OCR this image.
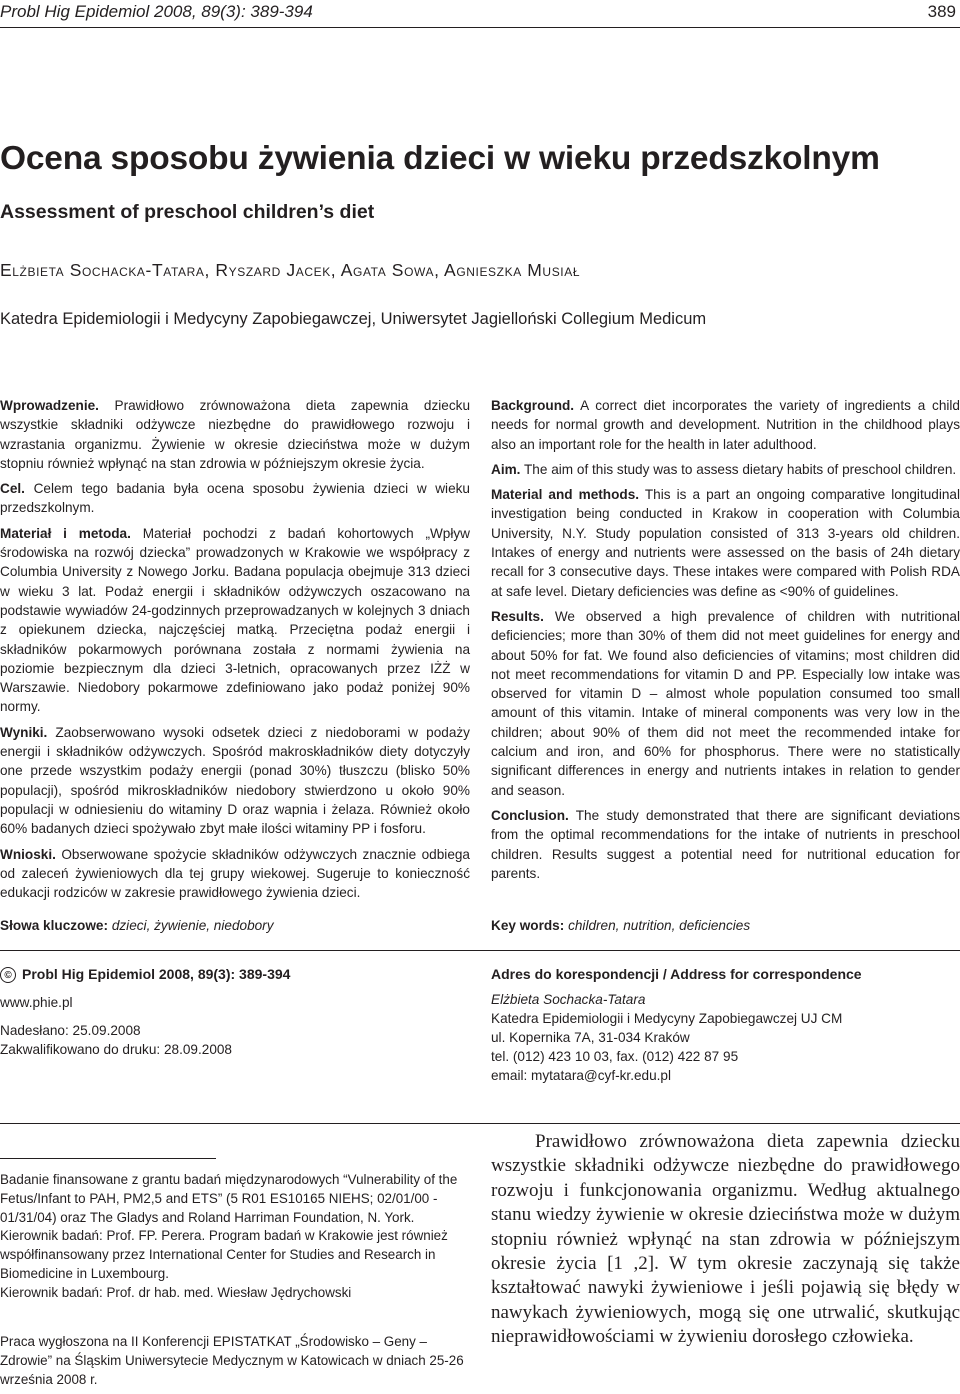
Probl Hig Epidemiol 2008, 89(3): 389-394	389
Ocena sposobu żywienia dzieci w wieku przedszkolnym
Assessment of preschool children’s diet
Elżbieta Sochacka-Tatara, Ryszard Jacek, Agata Sowa, Agnieszka Musiał
Katedra Epidemiologii i Medycyny Zapobiegawczej, Uniwersytet Jagielloński Collegium Medicum

Wprowadzenie. Prawidłowo zrównoważona dieta zapewnia dziecku wszystkie składniki odżywcze niezbędne do prawidłowego rozwoju i wzrastania organizmu. Żywienie w okresie dzieciństwa może w dużym stopniu również wpłynąć na stan zdrowia w późniejszym okresie życia.

Cel. Celem tego badania była ocena sposobu żywienia dzieci w wieku przedszkolnym.

Materiał i metoda. Materiał pochodzi z badań kohortowych „Wpływ środowiska na rozwój dziecka” prowadzonych w Krakowie we współpracy z Columbia University z Nowego Jorku. Badana populacja obejmuje 313 dzieci w wieku 3 lat. Podaż energii i składników odżywczych oszacowano na podstawie wywiadów 24-godzinnych przeprowadzanych w kolejnych 3 dniach z opiekunem dziecka, najczęściej matką. Przeciętna podaż energii i składników pokarmowych porównana została z normami żywienia na poziomie bezpiecznym dla dzieci 3-letnich, opracowanych przez IŻŻ w Warszawie. Niedobory pokarmowe zdefiniowano jako podaż poniżej 90% normy.

Wyniki. Zaobserwowano wysoki odsetek dzieci z niedoborami w podaży energii i składników odżywczych. Spośród makroskładników diety dotyczyły one przede wszystkim podaży energii (ponad 30%) tłuszczu (blisko 50% populacji), spośród mikroskładników niedobory stwierdzono u około 90% populacji w odniesieniu do witaminy D oraz wapnia i żelaza. Również około 60% badanych dzieci spożywało zbyt małe ilości witaminy PP i fosforu.

Wnioski. Obserwowane spożycie składników odżywczych znacznie odbiega od zaleceń żywieniowych dla tej grupy wiekowej. Sugeruje to konieczność edukacji rodziców w zakresie prawidłowego żywienia dzieci.

Background. A correct diet incorporates the variety of ingredients a child needs for normal growth and development. Nutrition in the childhood plays also an important role for the health in later adulthood.

Aim. The aim of this study was to assess dietary habits of preschool children.

Material and methods. This is a part an ongoing comparative longitudinal investigation being conducted in Krakow in cooperation with Columbia University, N.Y. Study population consisted of 313 3-years old children. Intakes of energy and nutrients were assessed on the basis of 24h dietary recall for 3 consecutive days. These intakes were compared with Polish RDA at safe level. Dietary deficiencies was define as <90% of guidelines.

Results. We observed a high prevalence of children with nutritional deficiencies; more than 30% of them did not meet guidelines for energy and about 50% for fat. We found also deficiencies of vitamins; most children did not meet recommendations for vitamin D and PP. Especially low intake was observed for vitamin D – almost whole population consumed too small amount of this vitamin. Intake of mineral components was very low in the children; about 90% of them did not meet the recommended intake for calcium and iron, and 60% for phosphorus. There were no statistically significant differences in energy and nutrients intakes in relation to gender and season.

Conclusion. The study demonstrated that there are significant deviations from the optimal recommendations for the intake of nutrients in preschool children. Results suggest a potential need for nutritional education for parents.

Słowa kluczowe: dzieci, żywienie, niedobory	Key words: children, nutrition, deficiencies
© Probl Hig Epidemiol 2008, 89(3): 389-394
www.phie.pl
Nadesłano: 25.09.2008
Zakwalifikowano do druku: 28.09.2008
Adres do korespondencji / Address for correspondence
Elżbieta Sochacka-Tatara
Katedra Epidemiologii i Medycyny Zapobiegawczej UJ CM
ul. Kopernika 7A, 31-034 Kraków
tel. (012) 423 10 03, fax. (012) 422 87 95
email: mytatara@cyf-kr.edu.pl
Badanie finansowane z grantu badań międzynarodowych “Vulnerability of the Fetus/Infant to PAH, PM2,5 and ETS” (5 R01 ES10165 NIEHS; 02/01/00 - 01/31/04) oraz The Gladys and Roland Harriman Foundation, N. York. Kierownik badań: Prof. FP. Perera. Program badań w Krakowie jest również współfinansowany przez International Center for Studies and Research in Biomedicine in Luxembourg.
Kierownik badań: Prof. dr hab. med. Wiesław Jędrychowski
Praca wygłoszona na II Konferencji EPISTATKAT „Środowisko – Geny – Zdrowie” na Śląskim Uniwersytecie Medycznym w Katowicach w dniach 25-26 września 2008 r.

Prawidłowo zrównoważona dieta zapewnia dziecku wszystkie składniki odżywcze niezbędne do prawidłowego rozwoju i funkcjonowania organizmu. Według aktualnego stanu wiedzy żywienie w okresie dzieciństwa może w dużym stopniu również wpłynąć na stan zdrowia w późniejszym okresie życia [1 ,2]. W tym okresie zaczynają się także kształtować nawyki żywieniowe i jeśli pojawią się błędy w nawykach żywieniowych, mogą się one utrwalić, skutkując nieprawidłowościami w żywieniu dorosłego człowieka.
